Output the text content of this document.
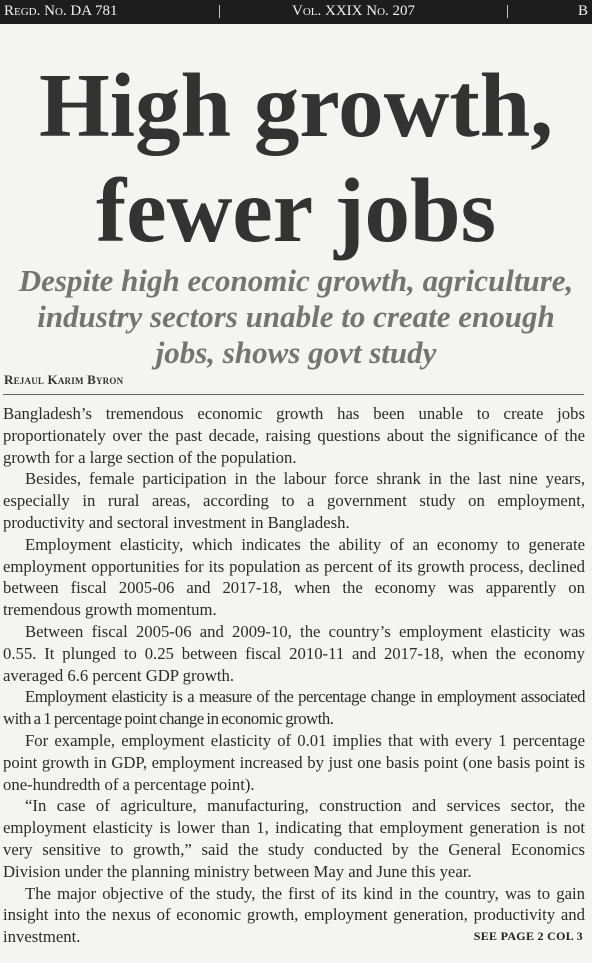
Regd. No. DA 781	|	Vol. XXIX No. 207	|	B
High growth,
fewer jobs
Despite high economic growth, agriculture,
industry sectors unable to create enough
jobs, shows govt study
Rejaul Karim Byron

Bangladesh’s tremendous economic growth has been unable to create jobs proportionately over the past decade, raising questions about the significance of the growth for a large section of the population.

Besides, female participation in the labour force shrank in the last nine years, especially in rural areas, according to a government study on employment, productivity and sectoral investment in Bangladesh.

Employment elasticity, which indicates the ability of an economy to generate employment opportunities for its population as percent of its growth process, declined between fiscal 2005-06 and 2017-18, when the economy was apparently on tremendous growth momentum.

Between fiscal 2005-06 and 2009-10, the country’s employment elasticity was 0.55. It plunged to 0.25 between fiscal 2010-11 and 2017-18, when the economy averaged 6.6 percent GDP growth.

Employment elasticity is a measure of the percentage change in employment associated with a 1 percentage point change in economic growth.

For example, employment elasticity of 0.01 implies that with every 1 percentage point growth in GDP, employment increased by just one basis point (one basis point is one-hundredth of a percentage point).

“In case of agriculture, manufacturing, construction and services sector, the employment elasticity is lower than 1, indicating that employment generation is not very sensitive to growth,” said the study conducted by the General Economics Division under the planning ministry between May and June this year.

The major objective of the study, the first of its kind in the country, was to gain insight into the nexus of economic growth, employment generation, productivity and investment.	SEE PAGE 2 COL 3
